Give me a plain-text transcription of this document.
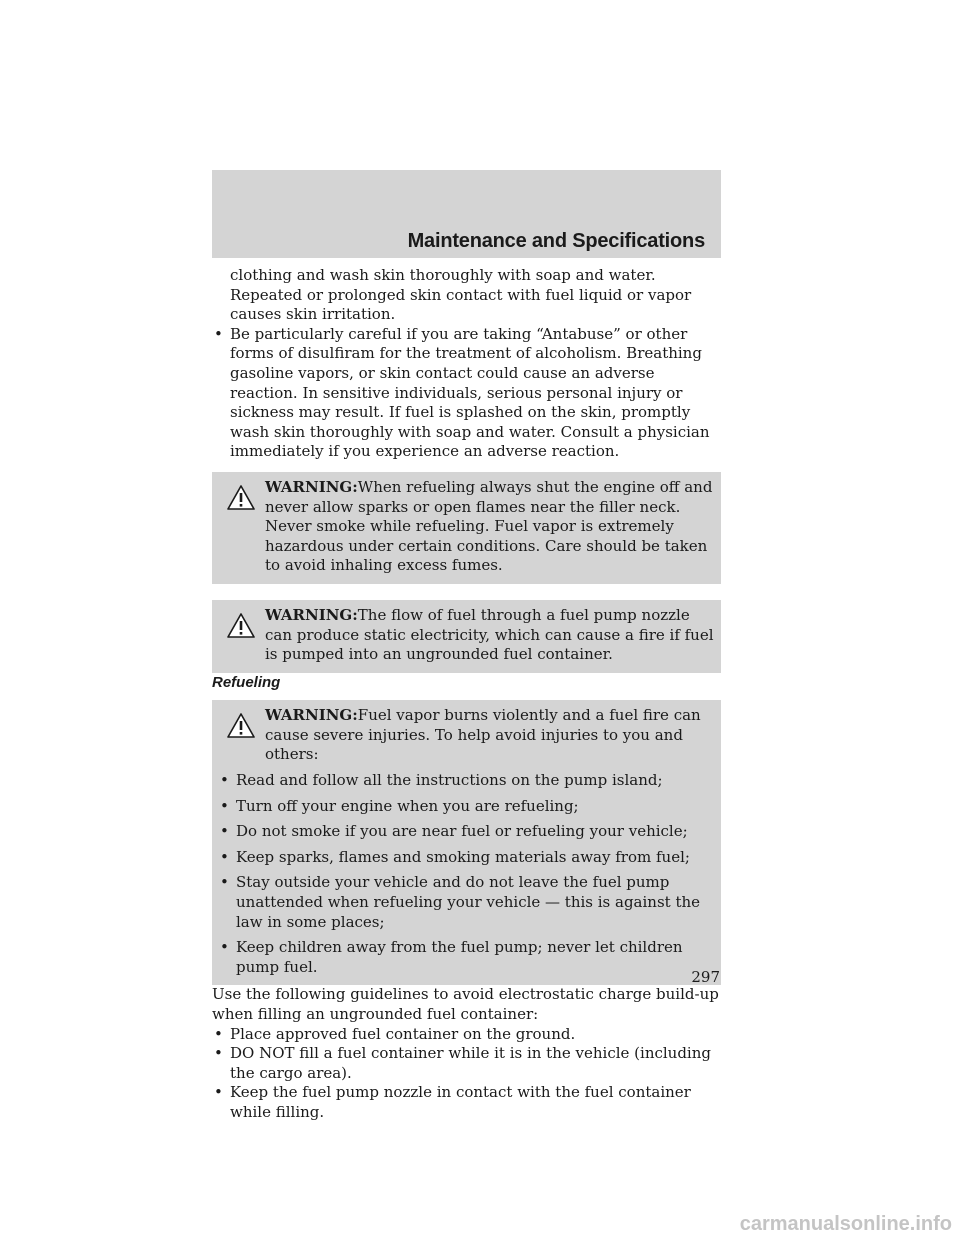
Maintenance and Specifications

clothing and wash skin thoroughly with soap and water. Repeated or prolonged skin contact with fuel liquid or vapor causes skin irritation.

• Be particularly careful if you are taking “Antabuse” or other forms of disulfiram for the treatment of alcoholism. Breathing gasoline vapors, or skin contact could cause an adverse reaction. In sensitive individuals, serious personal injury or sickness may result. If fuel is splashed on the skin, promptly wash skin thoroughly with soap and water. Consult a physician immediately if you experience an adverse reaction.

WARNING:When refueling always shut the engine off and never allow sparks or open flames near the filler neck. Never smoke while refueling. Fuel vapor is extremely hazardous under certain conditions. Care should be taken to avoid inhaling excess fumes.
WARNING:The flow of fuel through a fuel pump nozzle can produce static electricity, which can cause a fire if fuel is pumped into an ungrounded fuel container.

Refueling

WARNING:Fuel vapor burns violently and a fuel fire can cause severe injuries. To help avoid injuries to you and others:

• Read and follow all the instructions on the pump island;

• Turn off your engine when you are refueling;

• Do not smoke if you are near fuel or refueling your vehicle;

• Keep sparks, flames and smoking materials away from fuel;

• Stay outside your vehicle and do not leave the fuel pump unattended when refueling your vehicle — this is against the law in some places;

• Keep children away from the fuel pump; never let children pump fuel.

Use the following guidelines to avoid electrostatic charge build-up when filling an ungrounded fuel container:

• Place approved fuel container on the ground.

• DO NOT fill a fuel container while it is in the vehicle (including the cargo area).

• Keep the fuel pump nozzle in contact with the fuel container while filling.

297
carmanualsonline.info
